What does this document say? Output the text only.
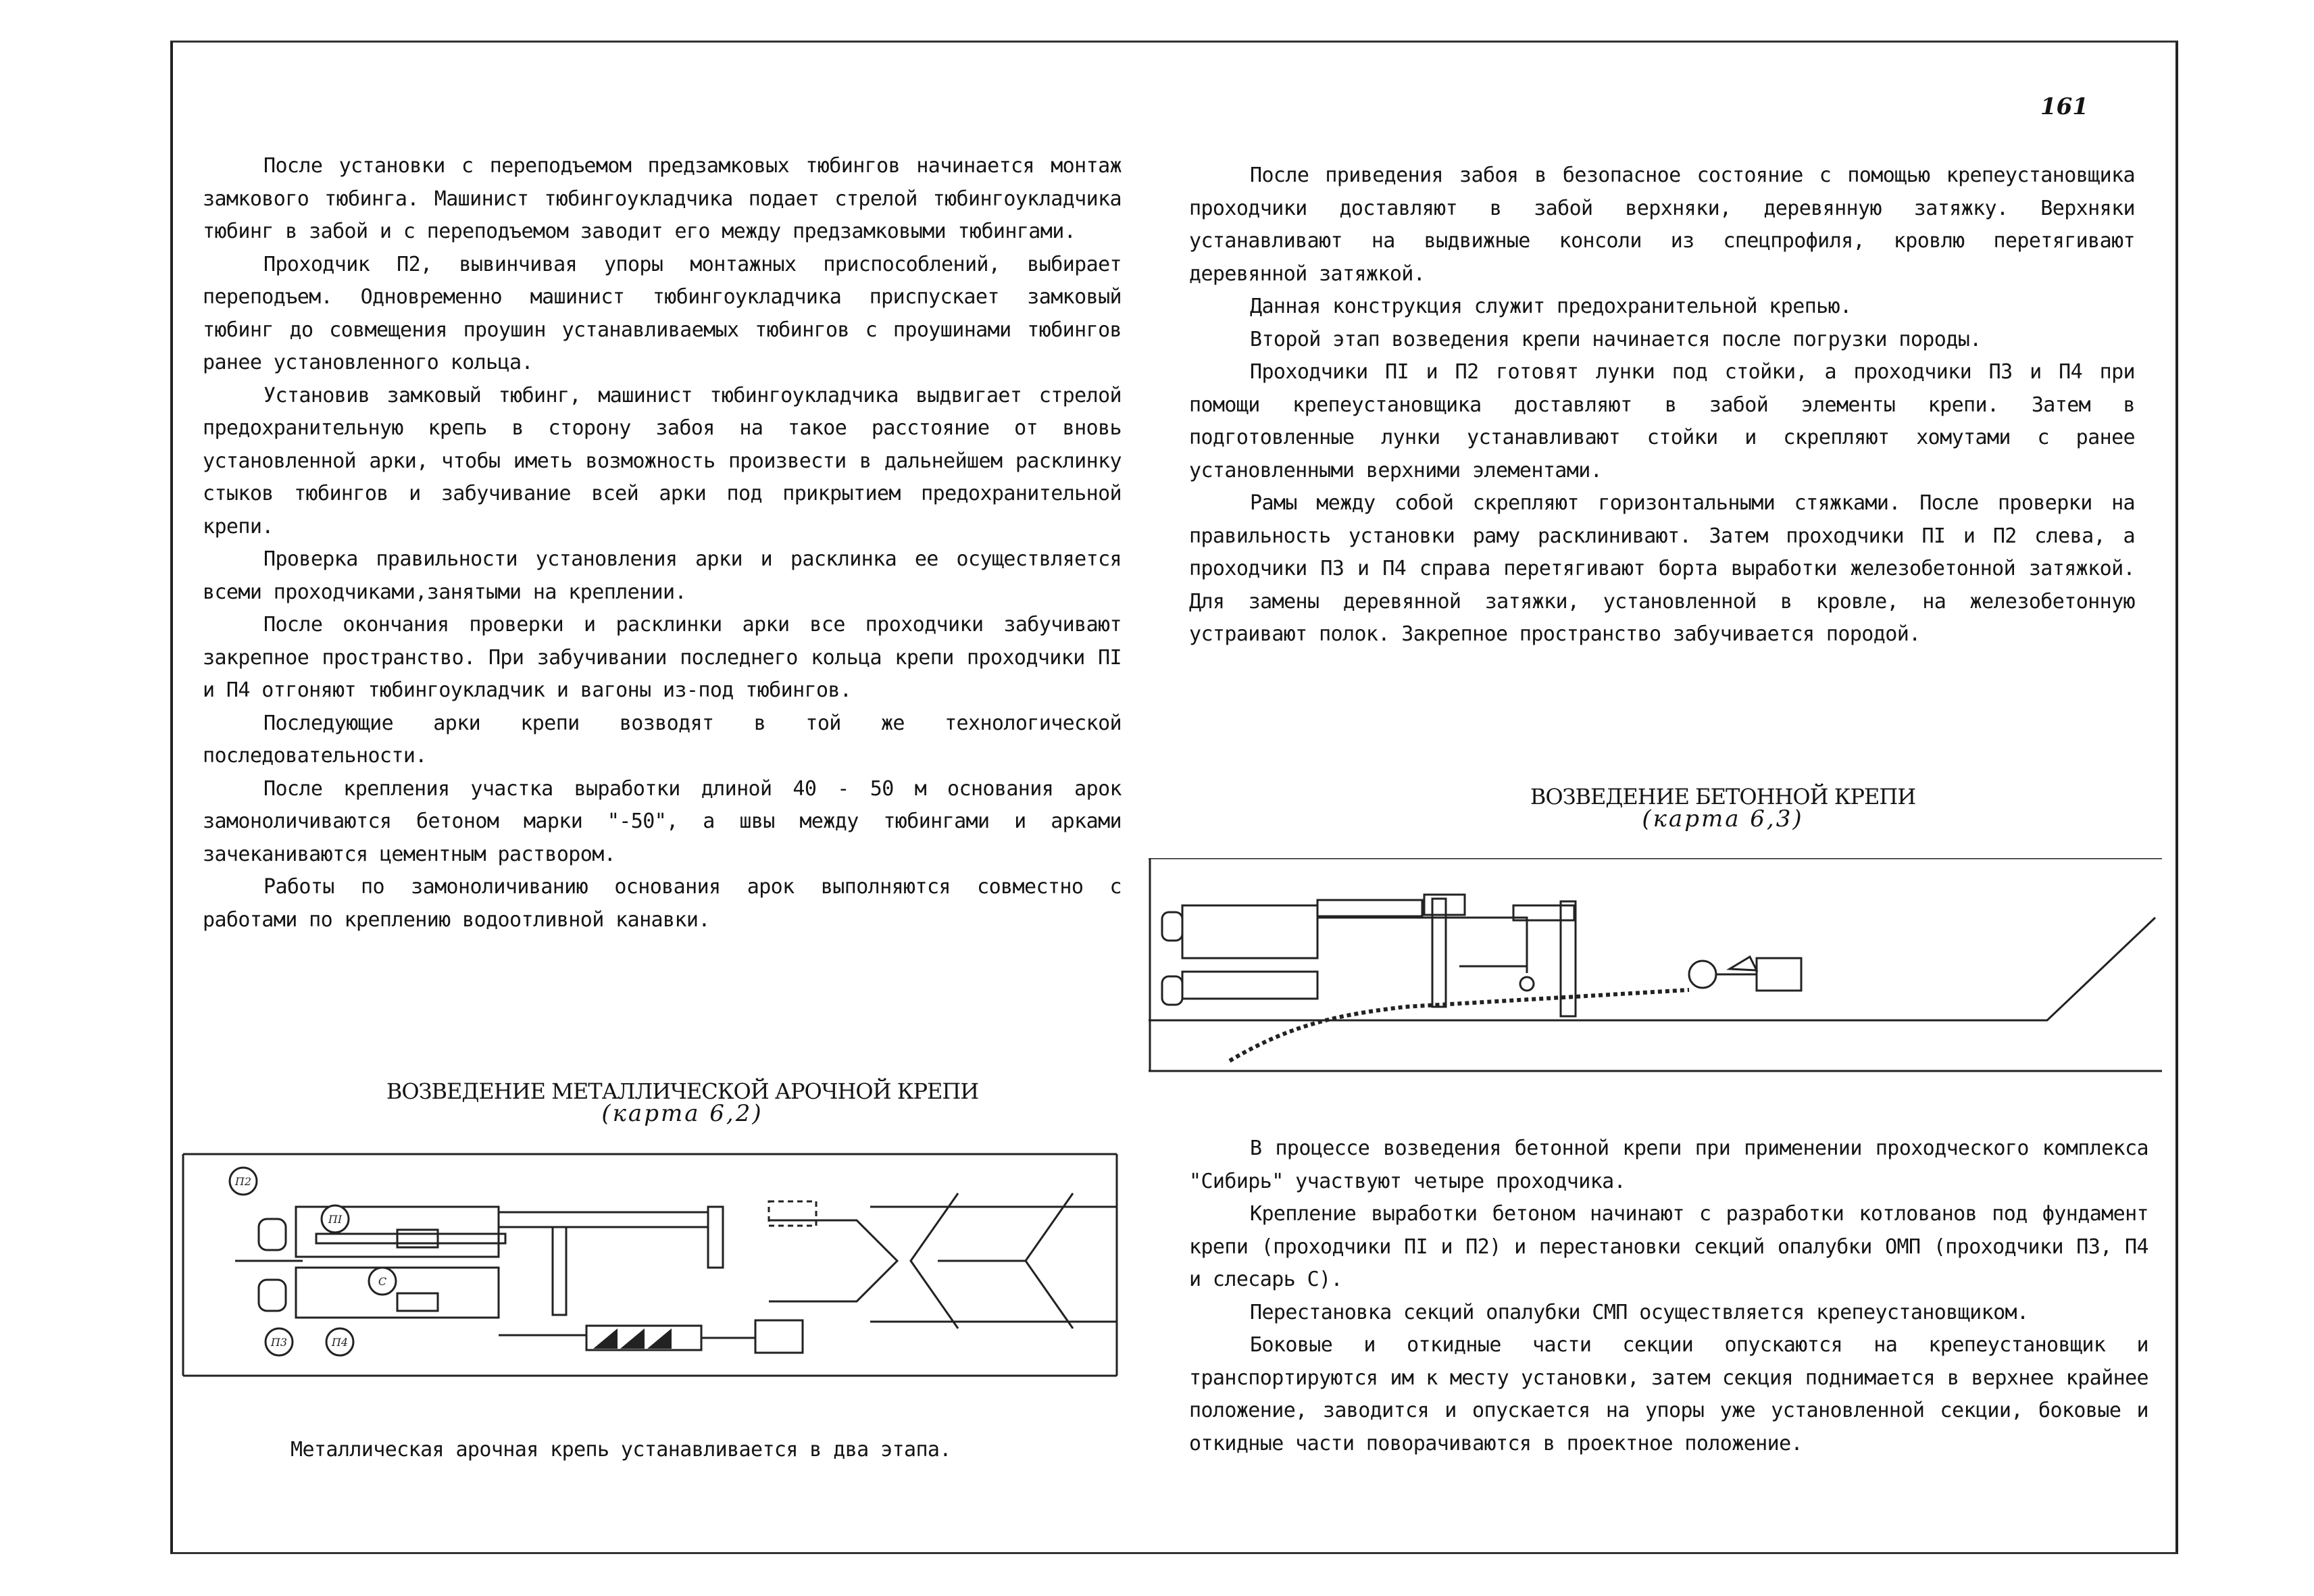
161

После установки с переподъемом предзамковых тюбингов начинается монтаж замкового тюбинга. Машинист тюбингоукладчика подает стрелой тюбингоукладчика тюбинг в забой и с переподъемом заводит его между предзамковыми тюбингами.

Проходчик П2, вывинчивая упоры монтажных приспособлений, выбирает переподъем. Одновременно машинист тюбингоукладчика приспускает замковый тюбинг до совмещения проушин устанавливаемых тюбингов с проушинами тюбингов ранее установленного кольца.

Установив замковый тюбинг, машинист тюбингоукладчика выдвигает стрелой предохранительную крепь в сторону забоя на такое расстояние от вновь установленной арки, чтобы иметь возможность произвести в дальнейшем расклинку стыков тюбингов и забучивание всей арки под прикрытием предохранительной крепи.

Проверка правильности установления арки и расклинка ее осуществляется всеми проходчиками,занятыми на креплении.

После окончания проверки и расклинки арки все проходчики забучивают закрепное пространство. При забучивании последнего кольца крепи проходчики ПI и П4 отгоняют тюбингоукладчик и вагоны из-под тюбингов.

Последующие арки крепи возводят в той же технологической последовательности.

После крепления участка выработки длиной 40 - 50 м основания арок замоноличиваются бетоном марки "-50", а швы между тюбингами и арками зачеканиваются цементным раствором.

Работы по замоноличиванию основания арок выполняются совместно с работами по креплению водоотливной канавки.

После приведения забоя в безопасное состояние с помощью крепеустановщика проходчики доставляют в забой верхняки, деревянную затяжку. Верхняки устанавливают на выдвижные консоли из спецпрофиля, кровлю перетягивают деревянной затяжкой.

Данная конструкция служит предохранительной крепью.

Второй этап возведения крепи начинается после погрузки породы.

Проходчики ПI и П2 готовят лунки под стойки, а проходчики П3 и П4 при помощи крепеустановщика доставляют в забой элементы крепи. Затем в подготовленные лунки устанавливают стойки и скрепляют хомутами с ранее установленными верхними элементами.

Рамы между собой скрепляют горизонтальными стяжками. После проверки на правильность установки раму расклинивают. Затем проходчики ПI и П2 слева, а проходчики П3 и П4 справа перетягивают борта выработки железобетонной затяжкой. Для замены деревянной затяжки, установленной в кровле, на железобетонную устраивают полок. Закрепное пространство забучивается породой.

ВОЗВЕДЕНИЕ БЕТОННОЙ КРЕПИ
(карта 6,3)

В процессе возведения бетонной крепи при применении проходческого комплекса "Сибирь" участвуют четыре проходчика.

Крепление выработки бетоном начинают с разработки котлованов под фундамент крепи (проходчики ПI и П2) и перестановки секций опалубки ОМП (проходчики П3, П4 и слесарь С).

Перестановка секций опалубки СМП осуществляется крепеустановщиком.

Боковые и откидные части секции опускаются на крепеустановщик и транспортируются им к месту установки, затем секция поднимается в верхнее крайнее положение, заводится и опускается на упоры уже установленной секции, боковые и откидные части поворачиваются в проектное положение.

ВОЗВЕДЕНИЕ МЕТАЛЛИЧЕСКОЙ АРОЧНОЙ КРЕПИ
(карта 6,2)
П2
ПI
С
П3	П4
Металлическая арочная крепь устанавливается в два этапа.
